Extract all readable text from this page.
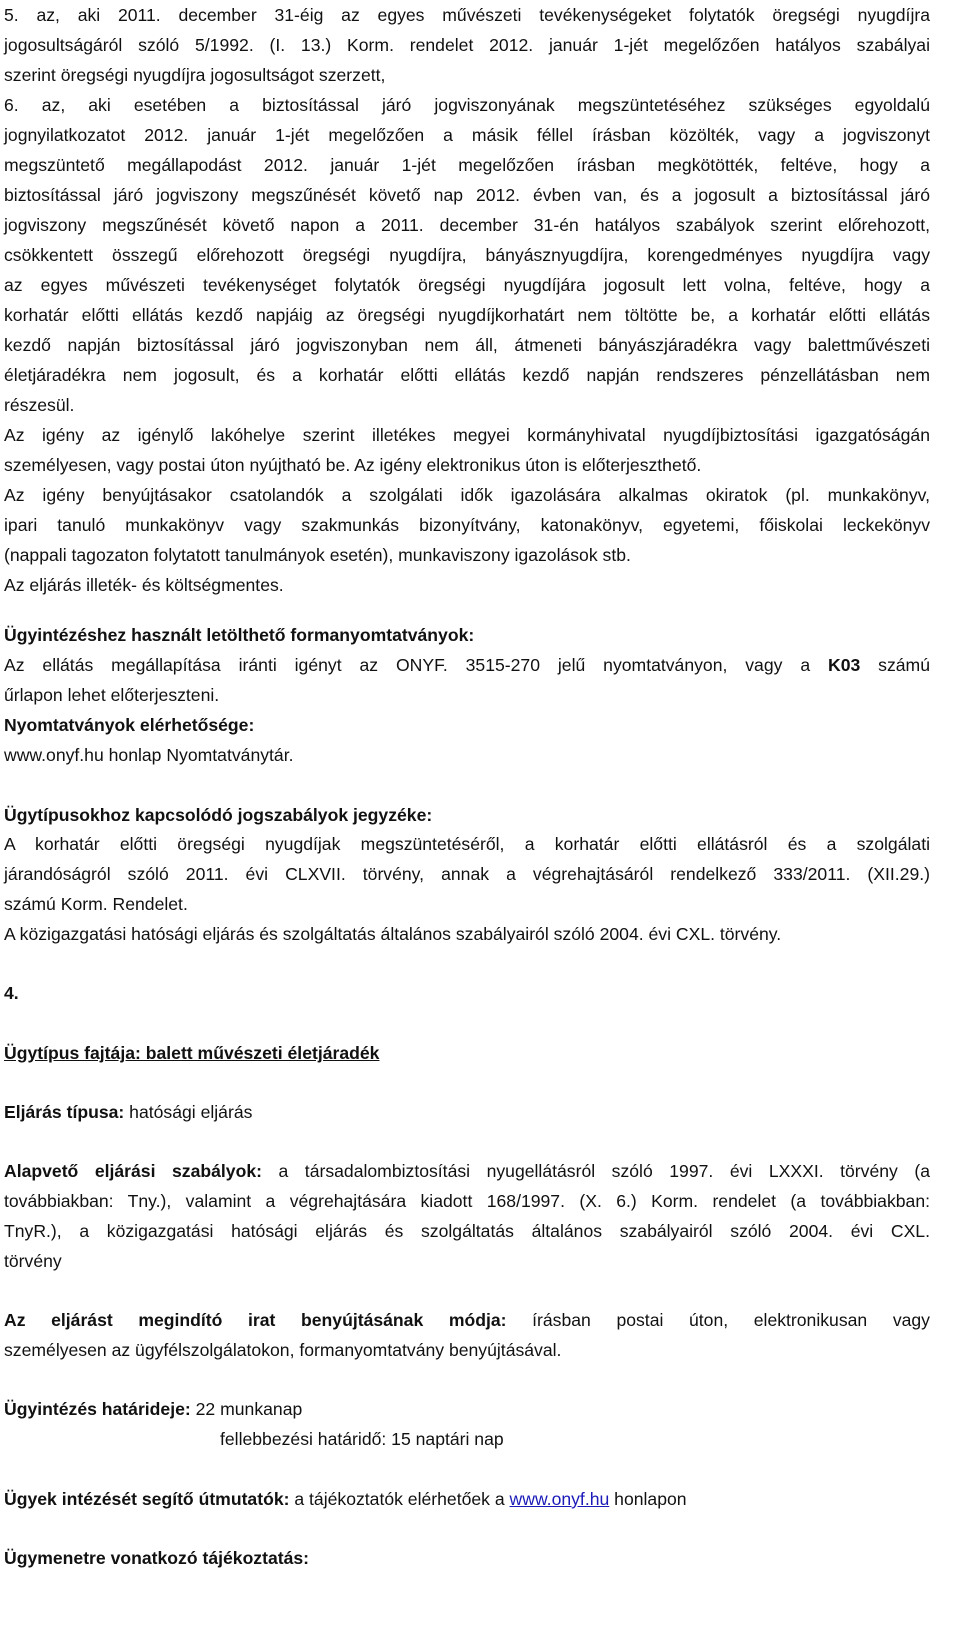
5. az, aki 2011. december 31-éig az egyes művészeti tevékenységeket folytatók öregségi nyugdíjra
jogosultságáról szóló 5/1992. (I. 13.) Korm. rendelet 2012. január 1-jét megelőzően hatályos szabályai
szerint öregségi nyugdíjra jogosultságot szerzett,
6. az, aki esetében a biztosítással járó jogviszonyának megszüntetéséhez szükséges egyoldalú
jognyilatkozatot 2012. január 1-jét megelőzően a másik féllel írásban közölték, vagy a jogviszonyt
megszüntető megállapodást 2012. január 1-jét megelőzően írásban megkötötték, feltéve, hogy a
biztosítással járó jogviszony megszűnését követő nap 2012. évben van, és a jogosult a biztosítással járó
jogviszony megszűnését követő napon a 2011. december 31-én hatályos szabályok szerint előrehozott,
csökkentett összegű előrehozott öregségi nyugdíjra, bányásznyugdíjra, korengedményes nyugdíjra vagy
az egyes művészeti tevékenységet folytatók öregségi nyugdíjára jogosult lett volna, feltéve, hogy a
korhatár előtti ellátás kezdő napjáig az öregségi nyugdíjkorhatárt nem töltötte be, a korhatár előtti ellátás
kezdő napján biztosítással járó jogviszonyban nem áll, átmeneti bányászjáradékra vagy balettművészeti
életjáradékra nem jogosult, és a korhatár előtti ellátás kezdő napján rendszeres pénzellátásban nem
részesül.
Az igény az igénylő lakóhelye szerint illetékes megyei kormányhivatal nyugdíjbiztosítási igazgatóságán
személyesen, vagy postai úton nyújtható be. Az igény elektronikus úton is előterjeszthető.
Az igény benyújtásakor csatolandók a szolgálati idők igazolására alkalmas okiratok (pl. munkakönyv,
ipari tanuló munkakönyv vagy szakmunkás bizonyítvány, katonakönyv, egyetemi, főiskolai leckekönyv
(nappali tagozaton folytatott tanulmányok esetén), munkaviszony igazolások stb.
Az eljárás illeték- és költségmentes.
Ügyintézéshez használt letölthető formanyomtatványok:
Az ellátás megállapítása iránti igényt az ONYF. 3515-270 jelű nyomtatványon, vagy a K03 számú
űrlapon lehet előterjeszteni.
Nyomtatványok elérhetősége:
www.onyf.hu honlap Nyomtatványtár.
Ügytípusokhoz kapcsolódó jogszabályok jegyzéke:
A korhatár előtti öregségi nyugdíjak megszüntetéséről, a korhatár előtti ellátásról és a szolgálati
járandóságról szóló 2011. évi CLXVII. törvény, annak a végrehajtásáról rendelkező 333/2011. (XII.29.)
számú Korm. Rendelet.
A közigazgatási hatósági eljárás és szolgáltatás általános szabályairól szóló 2004. évi CXL. törvény.
4.
Ügytípus fajtája: balett művészeti életjáradék
Eljárás típusa: hatósági eljárás
Alapvető eljárási szabályok: a társadalombiztosítási nyugellátásról szóló 1997. évi LXXXI. törvény (a
továbbiakban: Tny.), valamint a végrehajtására kiadott 168/1997. (X. 6.) Korm. rendelet (a továbbiakban:
TnyR.), a közigazgatási hatósági eljárás és szolgáltatás általános szabályairól szóló 2004. évi CXL.
törvény
Az eljárást megindító irat benyújtásának módja: írásban postai úton, elektronikusan vagy
személyesen az ügyfélszolgálatokon, formanyomtatvány benyújtásával.
Ügyintézés határideje: 22 munkanap
fellebbezési határidő: 15 naptári nap
Ügyek intézését segítő útmutatók: a tájékoztatók elérhetőek a www.onyf.hu honlapon
Ügymenetre vonatkozó tájékoztatás:
